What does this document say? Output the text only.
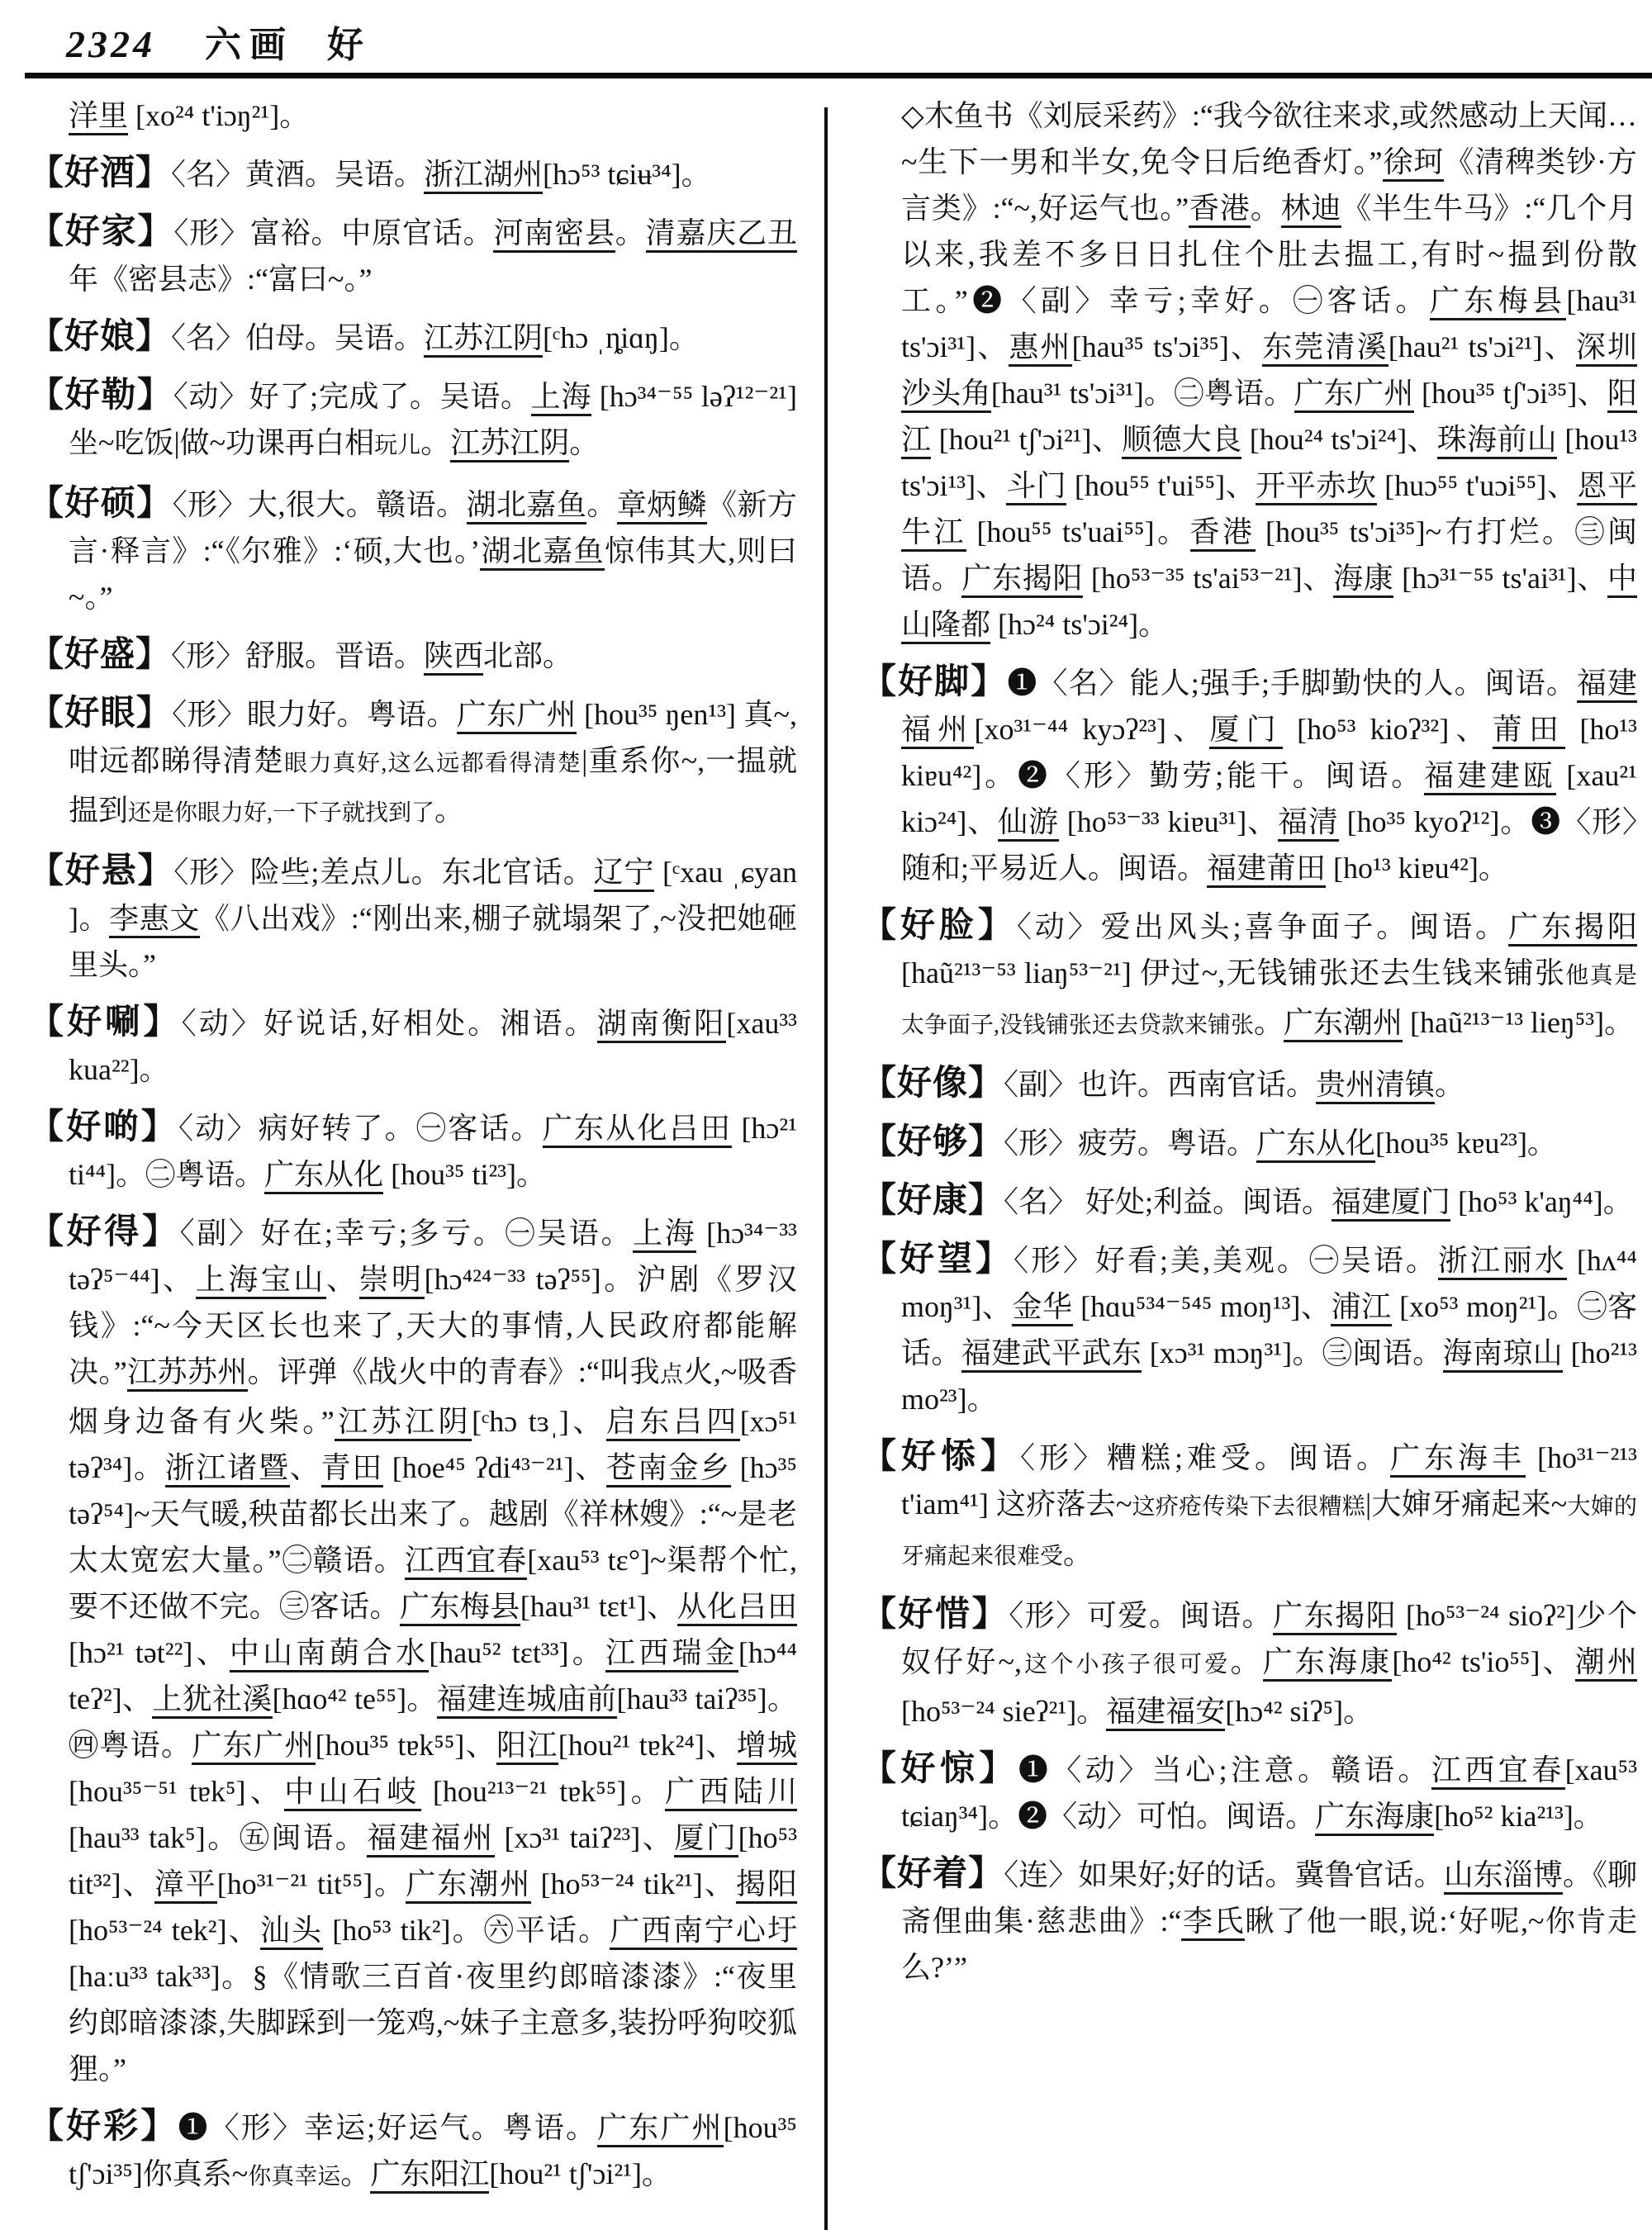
2324 六画 好
洋里 [xo²⁴ t'iɔŋ²¹]。
【好酒】〈名〉黄酒。吴语。浙江湖州[hɔ⁵³ tɕiʉ³⁴]。
【好家】〈形〉富裕。中原官话。河南密县。清嘉庆乙丑年《密县志》:“富曰~。”
【好娘】〈名〉伯母。吴语。江苏江阴[ᶜhɔ ˌȵiɑŋ]。
【好勒】〈动〉好了;完成了。吴语。上海 [hɔ³⁴⁻⁵⁵ ləʔ¹²⁻²¹]坐~吃饭|做~功课再白相玩儿。江苏江阴。
【好硕】〈形〉大,很大。赣语。湖北嘉鱼。章炳鳞《新方言·释言》:“《尔雅》:‘硕,大也。’湖北嘉鱼惊伟其大,则曰~。”
【好盛】〈形〉舒服。晋语。陕西北部。
【好眼】〈形〉眼力好。粤语。广东广州 [hou³⁵ ŋen¹³] 真~,咁远都睇得清楚眼力真好,这么远都看得清楚|重系你~,一揾就揾到还是你眼力好,一下子就找到了。
【好悬】〈形〉险些;差点儿。东北官话。辽宁 [ᶜxau ˌɕyan ]。李惠文《八出戏》:“刚出来,棚子就塌架了,~没把她砸里头。”
【好唰】〈动〉好说话,好相处。湘语。湖南衡阳[xau³³ kua²²]。
【好啲】〈动〉病好转了。㊀客话。广东从化吕田 [hɔ²¹ ti⁴⁴]。㊁粤语。广东从化 [hou³⁵ ti²³]。
【好得】〈副〉好在;幸亏;多亏。㊀吴语。上海 [hɔ³⁴⁻³³ təʔ⁵⁻⁴⁴]、上海宝山、崇明[hɔ⁴²⁴⁻³³ təʔ⁵⁵]。沪剧《罗汉钱》:“~今天区长也来了,天大的事情,人民政府都能解决。”江苏苏州。评弹《战火中的青春》:“叫我点火,~吸香烟身边备有火柴。”江苏江阴[ᶜhɔ tɜˌ]、启东吕四[xɔ⁵¹ təʔ³⁴]。浙江诸暨、青田 [hoe⁴⁵ ʔdi⁴³⁻²¹]、苍南金乡 [hɔ³⁵ təʔ⁵⁴]~天气暖,秧苗都长出来了。越剧《祥林嫂》:“~是老太太宽宏大量。”㊁赣语。江西宜春[xau⁵³ tɛ°]~渠帮个忙,要不还做不完。㊂客话。广东梅县[hau³¹ tɛt¹]、从化吕田[hɔ²¹ tət²²]、中山南蓢合水[hau⁵² tɛt³³]。江西瑞金[hɔ⁴⁴ teʔ²]、上犹社溪[hɑo⁴² te⁵⁵]。福建连城庙前[hau³³ taiʔ³⁵]。㊃粤语。广东广州[hou³⁵ tɐk⁵⁵]、阳江[hou²¹ tɐk²⁴]、增城[hou³⁵⁻⁵¹ tɐk⁵]、中山石岐 [hou²¹³⁻²¹ tɐk⁵⁵]。广西陆川 [hau³³ tak⁵]。㊄闽语。福建福州 [xɔ³¹ taiʔ²³]、厦门[ho⁵³ tit³²]、漳平[ho³¹⁻²¹ tit⁵⁵]。广东潮州 [ho⁵³⁻²⁴ tik²¹]、揭阳 [ho⁵³⁻²⁴ tek²]、汕头 [ho⁵³ tik²]。㊅平话。广西南宁心圩 [haːu³³ tak³³]。§《情歌三百首·夜里约郎暗漆漆》:“夜里约郎暗漆漆,失脚踩到一笼鸡,~妹子主意多,装扮呼狗咬狐狸。”
【好彩】❶〈形〉幸运;好运气。粤语。广东广州[hou³⁵ tʃ'ɔi³⁵]你真系~你真幸运。广东阳江[hou²¹ tʃ'ɔi²¹]。
◇木鱼书《刘辰采药》:“我今欲往来求,或然感动上天闻…~生下一男和半女,免令日后绝香灯。”徐珂《清稗类钞·方言类》:“~,好运气也。”香港。林迪《半生牛马》:“几个月以来,我差不多日日扎住个肚去揾工,有时~揾到份散工。”❷〈副〉幸亏;幸好。㊀客话。广东梅县[hau³¹ ts'ɔi³¹]、惠州[hau³⁵ ts'ɔi³⁵]、东莞清溪[hau²¹ ts'ɔi²¹]、深圳沙头角[hau³¹ ts'ɔi³¹]。㊁粤语。广东广州 [hou³⁵ tʃ'ɔi³⁵]、阳江 [hou²¹ tʃ'ɔi²¹]、顺德大良 [hou²⁴ ts'ɔi²⁴]、珠海前山 [hou¹³ ts'ɔi¹³]、斗门 [hou⁵⁵ t'ui⁵⁵]、开平赤坎 [huɔ⁵⁵ t'uɔi⁵⁵]、恩平牛江 [hou⁵⁵ ts'uai⁵⁵]。香港 [hou³⁵ ts'ɔi³⁵]~冇打烂。㊂闽语。广东揭阳 [ho⁵³⁻³⁵ ts'ai⁵³⁻²¹]、海康 [hɔ³¹⁻⁵⁵ ts'ai³¹]、中山隆都 [hɔ²⁴ ts'ɔi²⁴]。
【好脚】❶〈名〉能人;强手;手脚勤快的人。闽语。福建福州[xo³¹⁻⁴⁴ kyɔʔ²³]、厦门 [ho⁵³ kioʔ³²]、莆田 [ho¹³ kiɐu⁴²]。❷〈形〉勤劳;能干。闽语。福建建瓯 [xau²¹ kiɔ²⁴]、仙游 [ho⁵³⁻³³ kiɐu³¹]、福清 [ho³⁵ kyoʔ¹²]。❸〈形〉随和;平易近人。闽语。福建莆田 [ho¹³ kiɐu⁴²]。
【好脸】〈动〉爱出风头;喜争面子。闽语。广东揭阳 [haũ²¹³⁻⁵³ liaŋ⁵³⁻²¹] 伊过~,无钱铺张还去生钱来铺张他真是太争面子,没钱铺张还去贷款来铺张。广东潮州 [haũ²¹³⁻¹³ lieŋ⁵³]。
【好像】〈副〉也许。西南官话。贵州清镇。
【好够】〈形〉疲劳。粤语。广东从化[hou³⁵ kɐu²³]。
【好康】〈名〉 好处;利益。闽语。福建厦门 [ho⁵³ k'aŋ⁴⁴]。
【好望】〈形〉好看;美,美观。㊀吴语。浙江丽水 [hʌ⁴⁴ moŋ³¹]、金华 [hɑu⁵³⁴⁻⁵⁴⁵ moŋ¹³]、浦江 [xo⁵³ moŋ²¹]。㊁客话。福建武平武东 [xɔ³¹ mɔŋ³¹]。㊂闽语。海南琼山 [ho²¹³ mo²³]。
【好悿】〈形〉糟糕;难受。闽语。广东海丰 [ho³¹⁻²¹³ t'iam⁴¹] 这疥落去~这疥疮传染下去很糟糕|大婶牙痛起来~大婶的牙痛起来很难受。
【好惜】〈形〉可爱。闽语。广东揭阳 [ho⁵³⁻²⁴ sioʔ²]少个奴仔好~,这个小孩子很可爱。广东海康[ho⁴² ts'io⁵⁵]、潮州[ho⁵³⁻²⁴ sieʔ²¹]。福建福安[hɔ⁴² siʔ⁵]。
【好惊】❶〈动〉当心;注意。赣语。江西宜春[xau⁵³ tɕiaŋ³⁴]。❷〈动〉可怕。闽语。广东海康[ho⁵² kia²¹³]。
【好着】〈连〉如果好;好的话。冀鲁官话。山东淄博。《聊斋俚曲集·慈悲曲》:“李氏瞅了他一眼,说:‘好呢,~你肯走么?’”
